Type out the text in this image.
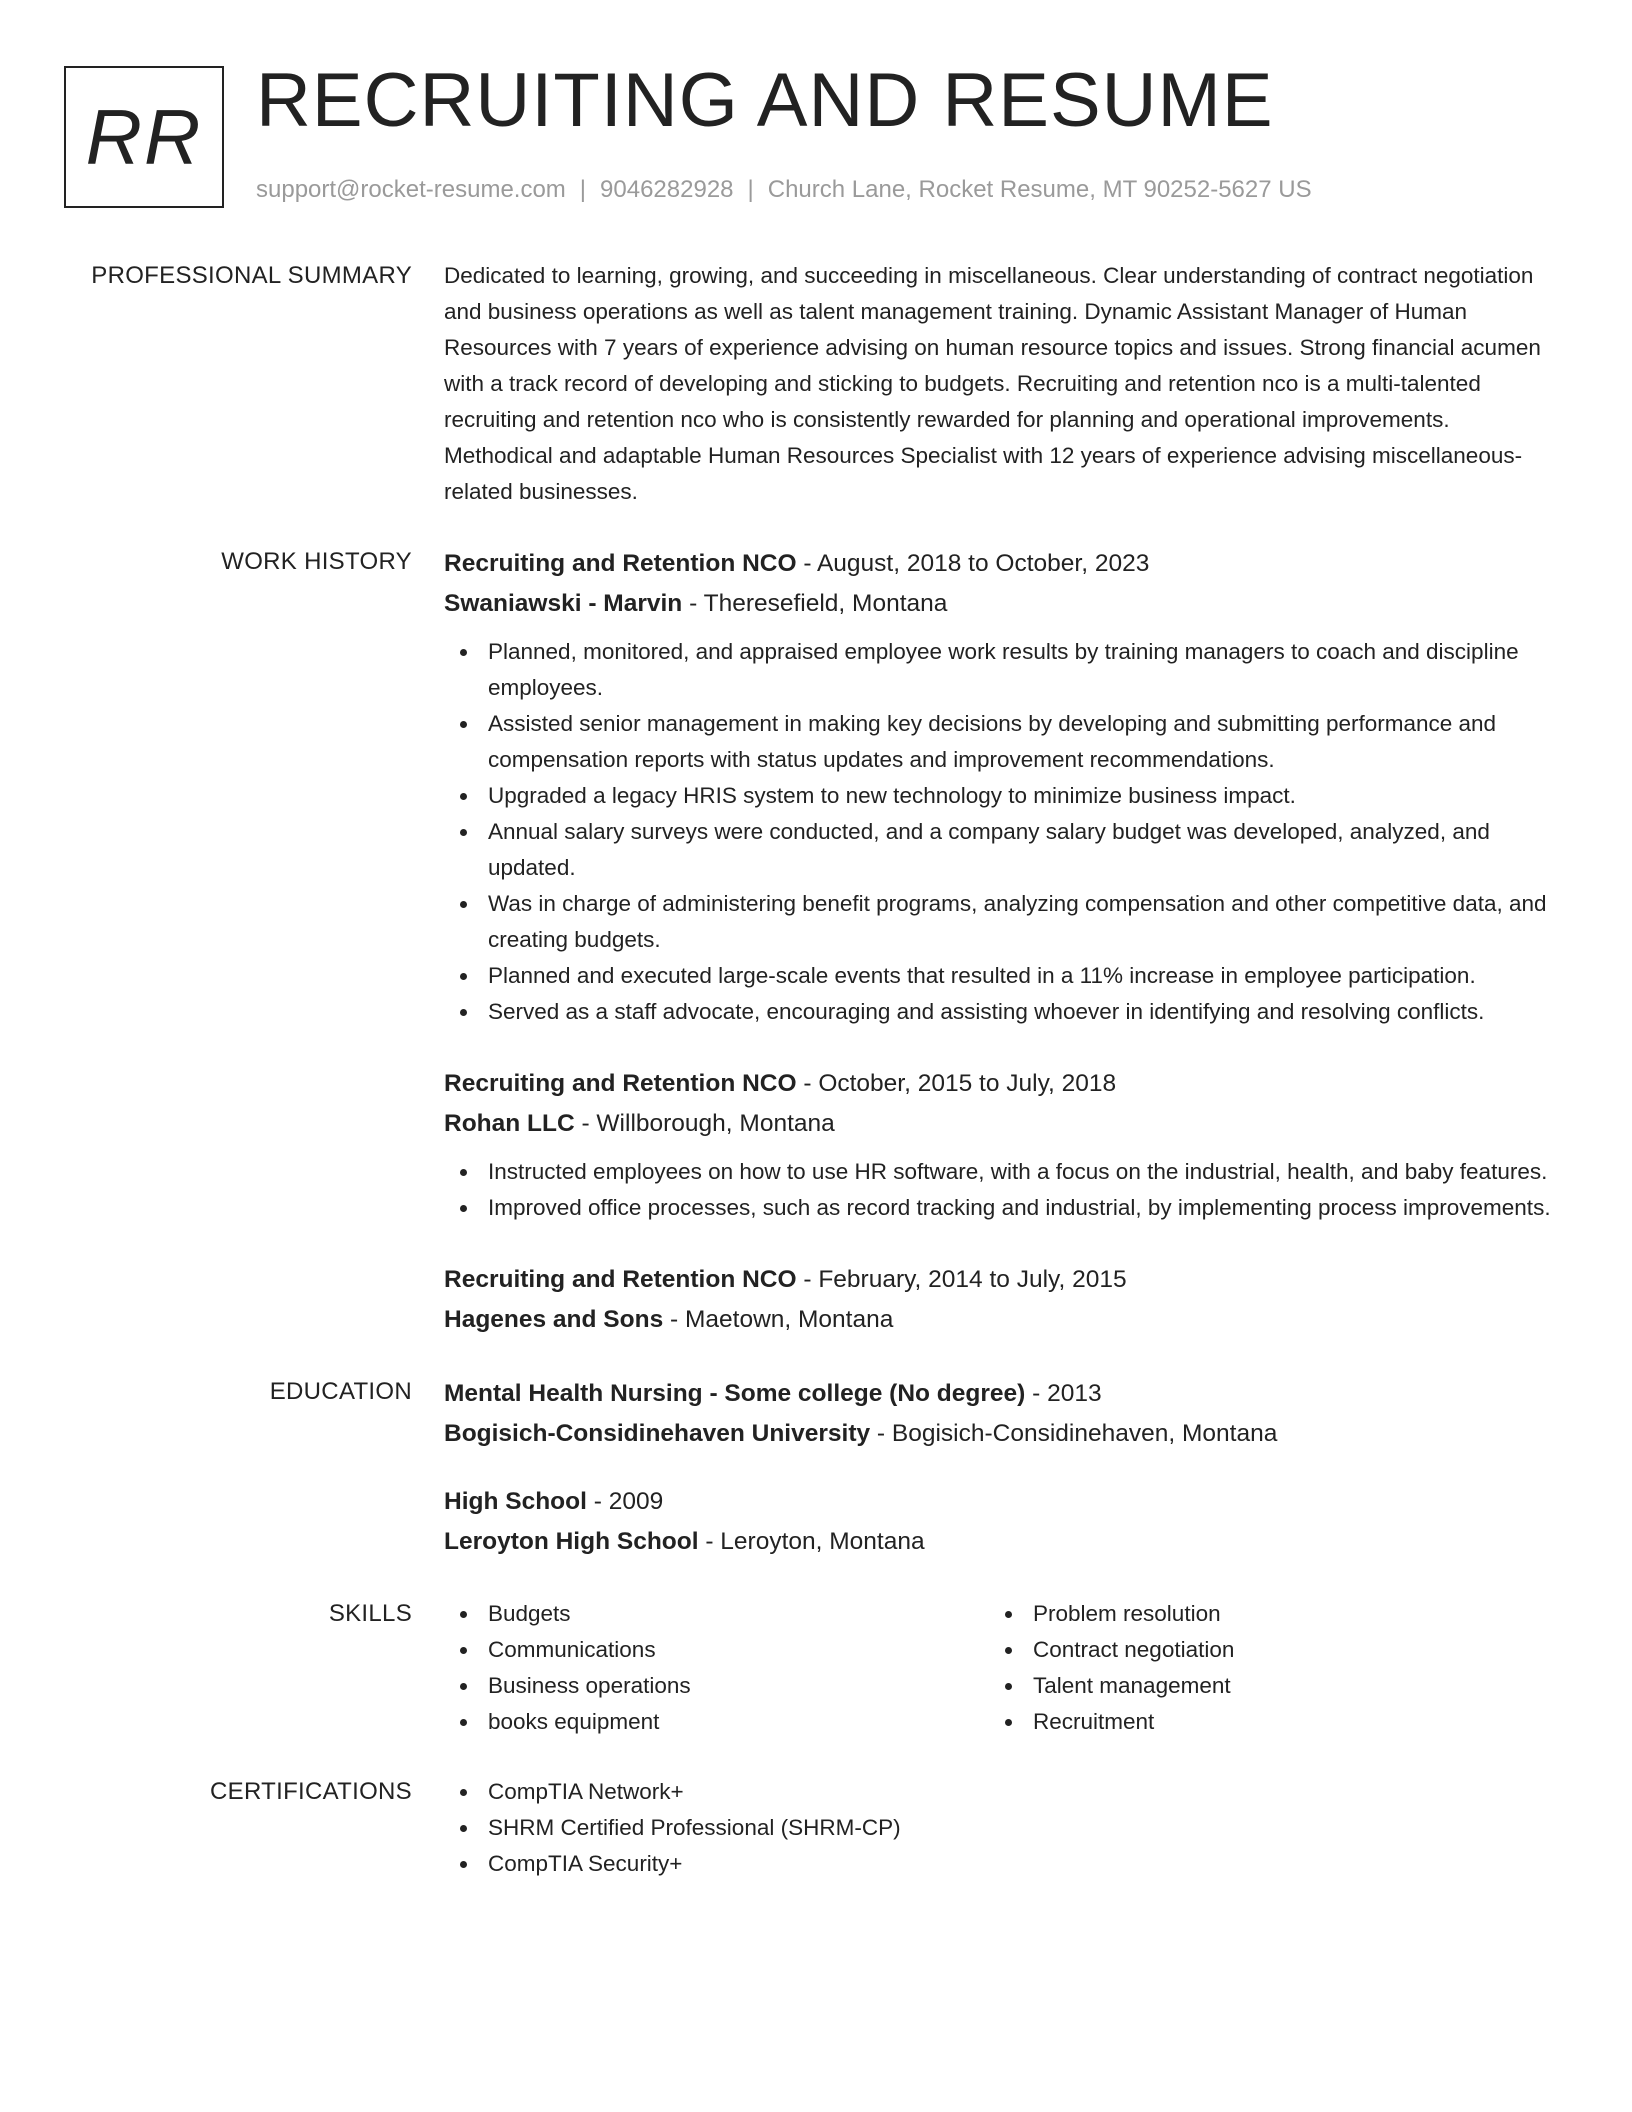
RR RECRUITING AND RESUME
support@rocket-resume.com | 9046282928 | Church Lane, Rocket Resume, MT 90252-5627 US
PROFESSIONAL SUMMARY Dedicated to learning, growing, and succeeding in miscellaneous. Clear understanding of contract negotiation and business operations as well as talent management training. Dynamic Assistant Manager of Human Resources with 7 years of experience advising on human resource topics and issues. Strong financial acumen with a track record of developing and sticking to budgets. Recruiting and retention nco is a multi-talented recruiting and retention nco who is consistently rewarded for planning and operational improvements. Methodical and adaptable Human Resources Specialist with 12 years of experience advising miscellaneous-related businesses.
WORK HISTORY Recruiting and Retention NCO - August, 2018 to October, 2023
Swaniawski - Marvin - Theresefield, Montana
Planned, monitored, and appraised employee work results by training managers to coach and discipline employees.
Assisted senior management in making key decisions by developing and submitting performance and compensation reports with status updates and improvement recommendations.
Upgraded a legacy HRIS system to new technology to minimize business impact.
Annual salary surveys were conducted, and a company salary budget was developed, analyzed, and updated.
Was in charge of administering benefit programs, analyzing compensation and other competitive data, and creating budgets.
Planned and executed large-scale events that resulted in a 11% increase in employee participation.
Served as a staff advocate, encouraging and assisting whoever in identifying and resolving conflicts.
Recruiting and Retention NCO - October, 2015 to July, 2018
Rohan LLC - Willborough, Montana
Instructed employees on how to use HR software, with a focus on the industrial, health, and baby features.
Improved office processes, such as record tracking and industrial, by implementing process improvements.
Recruiting and Retention NCO - February, 2014 to July, 2015
Hagenes and Sons - Maetown, Montana
EDUCATION Mental Health Nursing - Some college (No degree) - 2013
Bogisich-Considinehaven University - Bogisich-Considinehaven, Montana
High School - 2009
Leroyton High School - Leroyton, Montana
SKILLS	Budgets
Communications
Business operations
books equipment
Problem resolution
Contract negotiation
Talent management
Recruitment
CERTIFICATIONS	CompTIA Network+
SHRM Certified Professional (SHRM-CP)
CompTIA Security+
